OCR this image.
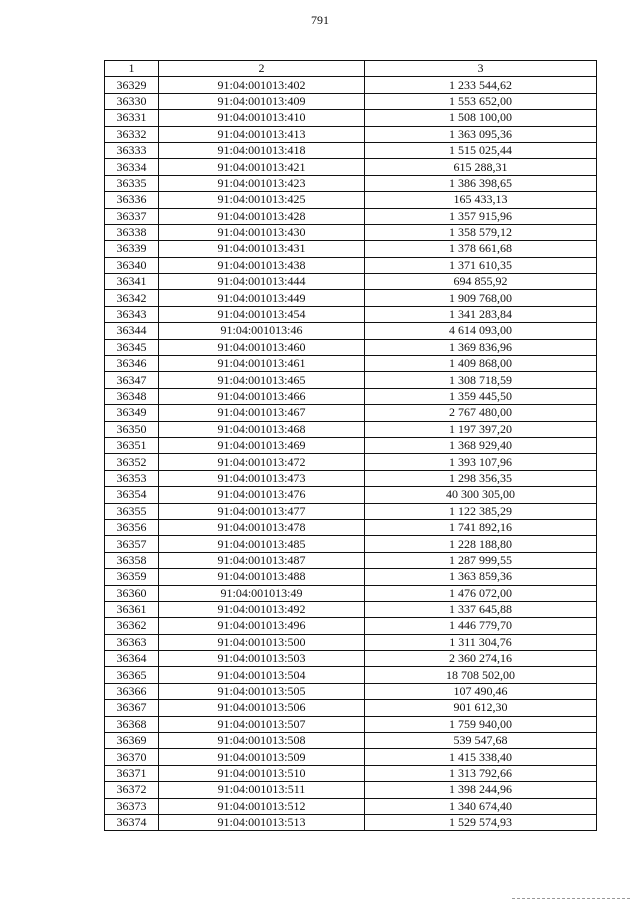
791
1	2	3
36329	91:04:001013:402	1 233 544,62
36330	91:04:001013:409	1 553 652,00
36331	91:04:001013:410	1 508 100,00
36332	91:04:001013:413	1 363 095,36
36333	91:04:001013:418	1 515 025,44
36334	91:04:001013:421	615 288,31
36335	91:04:001013:423	1 386 398,65
36336	91:04:001013:425	165 433,13
36337	91:04:001013:428	1 357 915,96
36338	91:04:001013:430	1 358 579,12
36339	91:04:001013:431	1 378 661,68
36340	91:04:001013:438	1 371 610,35
36341	91:04:001013:444	694 855,92
36342	91:04:001013:449	1 909 768,00
36343	91:04:001013:454	1 341 283,84
36344	91:04:001013:46	4 614 093,00
36345	91:04:001013:460	1 369 836,96
36346	91:04:001013:461	1 409 868,00
36347	91:04:001013:465	1 308 718,59
36348	91:04:001013:466	1 359 445,50
36349	91:04:001013:467	2 767 480,00
36350	91:04:001013:468	1 197 397,20
36351	91:04:001013:469	1 368 929,40
36352	91:04:001013:472	1 393 107,96
36353	91:04:001013:473	1 298 356,35
36354	91:04:001013:476	40 300 305,00
36355	91:04:001013:477	1 122 385,29
36356	91:04:001013:478	1 741 892,16
36357	91:04:001013:485	1 228 188,80
36358	91:04:001013:487	1 287 999,55
36359	91:04:001013:488	1 363 859,36
36360	91:04:001013:49	1 476 072,00
36361	91:04:001013:492	1 337 645,88
36362	91:04:001013:496	1 446 779,70
36363	91:04:001013:500	1 311 304,76
36364	91:04:001013:503	2 360 274,16
36365	91:04:001013:504	18 708 502,00
36366	91:04:001013:505	107 490,46
36367	91:04:001013:506	901 612,30
36368	91:04:001013:507	1 759 940,00
36369	91:04:001013:508	539 547,68
36370	91:04:001013:509	1 415 338,40
36371	91:04:001013:510	1 313 792,66
36372	91:04:001013:511	1 398 244,96
36373	91:04:001013:512	1 340 674,40
36374	91:04:001013:513	1 529 574,93
